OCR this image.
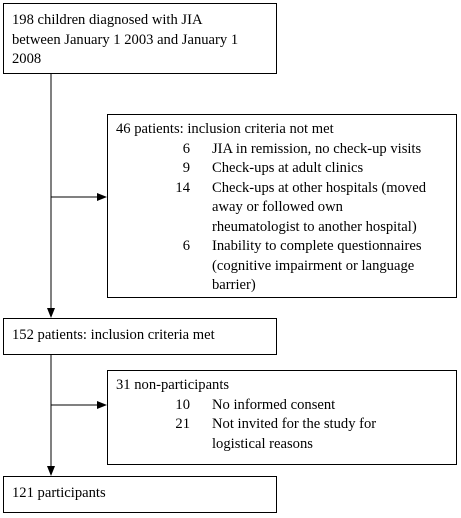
198 children diagnosed with JIA
between January 1 2003 and January 1
2008
46 patients: inclusion criteria not met
6 JIA in remission, no check-up visits
9 Check-ups at adult clinics
14 Check-ups at other hospitals (moved
away or followed own
rheumatologist to another hospital)
6 Inability to complete questionnaires
(cognitive impairment or language
barrier)
152 patients: inclusion criteria met
31 non-participants
10 No informed consent
21 Not invited for the study for
logistical reasons
121 participants
